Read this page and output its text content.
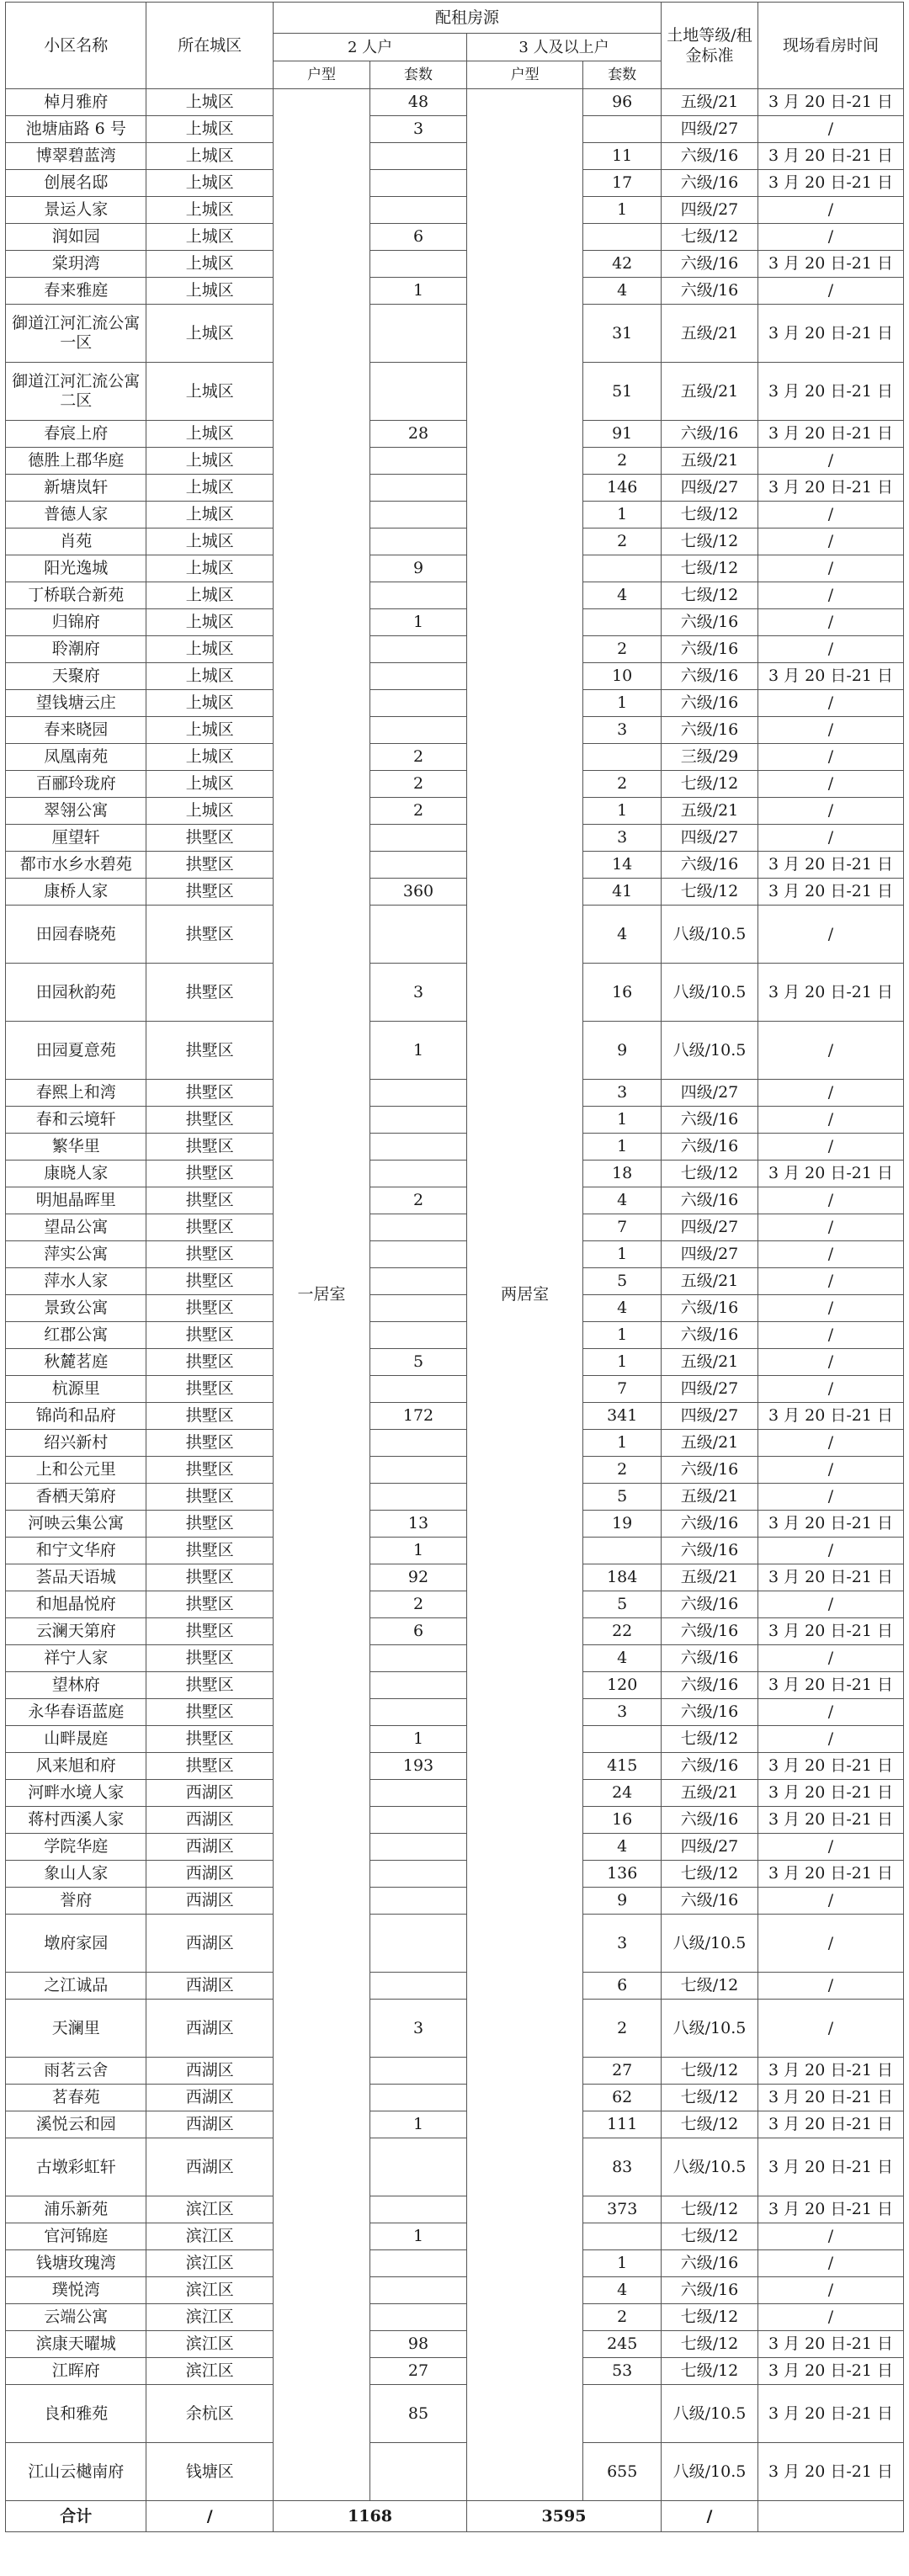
小区名称	所在城区	配租房源				土地等级/租金标准	现场看房时间
		2 人户		3 人及以上户			
		户型	套数	户型	套数		
棹月雅府	上城区	一居室	48	两居室	96	五级/21	3 月 20 日-21 日
池塘庙路 6 号	上城区		3			四级/27	/
博翠碧蓝湾	上城区				11	六级/16	3 月 20 日-21 日
创展名邸	上城区				17	六级/16	3 月 20 日-21 日
景运人家	上城区				1	四级/27	/
润如园	上城区		6			七级/12	/
棠玥湾	上城区				42	六级/16	3 月 20 日-21 日
春来雅庭	上城区		1		4	六级/16	/
御道江河汇流公寓一区	上城区				31	五级/21	3 月 20 日-21 日
御道江河汇流公寓二区	上城区				51	五级/21	3 月 20 日-21 日
春宸上府	上城区		28		91	六级/16	3 月 20 日-21 日
德胜上郡华庭	上城区				2	五级/21	/
新塘岚轩	上城区				146	四级/27	3 月 20 日-21 日
普德人家	上城区				1	七级/12	/
肖苑	上城区				2	七级/12	/
阳光逸城	上城区		9			七级/12	/
丁桥联合新苑	上城区				4	七级/12	/
归锦府	上城区		1			六级/16	/
聆潮府	上城区				2	六级/16	/
天聚府	上城区				10	六级/16	3 月 20 日-21 日
望钱塘云庄	上城区				1	六级/16	/
春来晓园	上城区				3	六级/16	/
凤凰南苑	上城区		2			三级/29	/
百郦玲珑府	上城区		2		2	七级/12	/
翠翎公寓	上城区		2		1	五级/21	/
厘望轩	拱墅区				3	四级/27	/
都市水乡水碧苑	拱墅区				14	六级/16	3 月 20 日-21 日
康桥人家	拱墅区		360		41	七级/12	3 月 20 日-21 日
田园春晓苑	拱墅区				4	八级/10.5	/
田园秋韵苑	拱墅区		3		16	八级/10.5	3 月 20 日-21 日
田园夏意苑	拱墅区		1		9	八级/10.5	/
春熙上和湾	拱墅区				3	四级/27	/
春和云境轩	拱墅区				1	六级/16	/
繁华里	拱墅区				1	六级/16	/
康晓人家	拱墅区				18	七级/12	3 月 20 日-21 日
明旭晶晖里	拱墅区		2		4	六级/16	/
望品公寓	拱墅区				7	四级/27	/
萍实公寓	拱墅区				1	四级/27	/
萍水人家	拱墅区				5	五级/21	/
景致公寓	拱墅区				4	六级/16	/
红郡公寓	拱墅区				1	六级/16	/
秋麓茗庭	拱墅区		5		1	五级/21	/
杭源里	拱墅区				7	四级/27	/
锦尚和品府	拱墅区		172		341	四级/27	3 月 20 日-21 日
绍兴新村	拱墅区				1	五级/21	/
上和公元里	拱墅区				2	六级/16	/
香栖天第府	拱墅区				5	五级/21	/
河映云集公寓	拱墅区		13		19	六级/16	3 月 20 日-21 日
和宁文华府	拱墅区		1			六级/16	/
荟品天语城	拱墅区		92		184	五级/21	3 月 20 日-21 日
和旭晶悦府	拱墅区		2		5	六级/16	/
云澜天第府	拱墅区		6		22	六级/16	3 月 20 日-21 日
祥宁人家	拱墅区				4	六级/16	/
望林府	拱墅区				120	六级/16	3 月 20 日-21 日
永华春语蓝庭	拱墅区				3	六级/16	/
山畔晟庭	拱墅区		1			七级/12	/
风来旭和府	拱墅区		193		415	六级/16	3 月 20 日-21 日
河畔水境人家	西湖区				24	五级/21	3 月 20 日-21 日
蒋村西溪人家	西湖区				16	六级/16	3 月 20 日-21 日
学院华庭	西湖区				4	四级/27	/
象山人家	西湖区				136	七级/12	3 月 20 日-21 日
誉府	西湖区				9	六级/16	/
墩府家园	西湖区				3	八级/10.5	/
之江诚品	西湖区				6	七级/12	/
天澜里	西湖区		3		2	八级/10.5	/
雨茗云舍	西湖区				27	七级/12	3 月 20 日-21 日
茗春苑	西湖区				62	七级/12	3 月 20 日-21 日
溪悦云和园	西湖区		1		111	七级/12	3 月 20 日-21 日
古墩彩虹轩	西湖区				83	八级/10.5	3 月 20 日-21 日
浦乐新苑	滨江区				373	七级/12	3 月 20 日-21 日
官河锦庭	滨江区		1			七级/12	/
钱塘玫瑰湾	滨江区				1	六级/16	/
璞悦湾	滨江区				4	六级/16	/
云端公寓	滨江区				2	七级/12	/
滨康天曜城	滨江区		98		245	七级/12	3 月 20 日-21 日
江晖府	滨江区		27		53	七级/12	3 月 20 日-21 日
良和雅苑	余杭区		85			八级/10.5	3 月 20 日-21 日
江山云樾南府	钱塘区				655	八级/10.5	3 月 20 日-21 日
合计	/	1168		3595		/	
